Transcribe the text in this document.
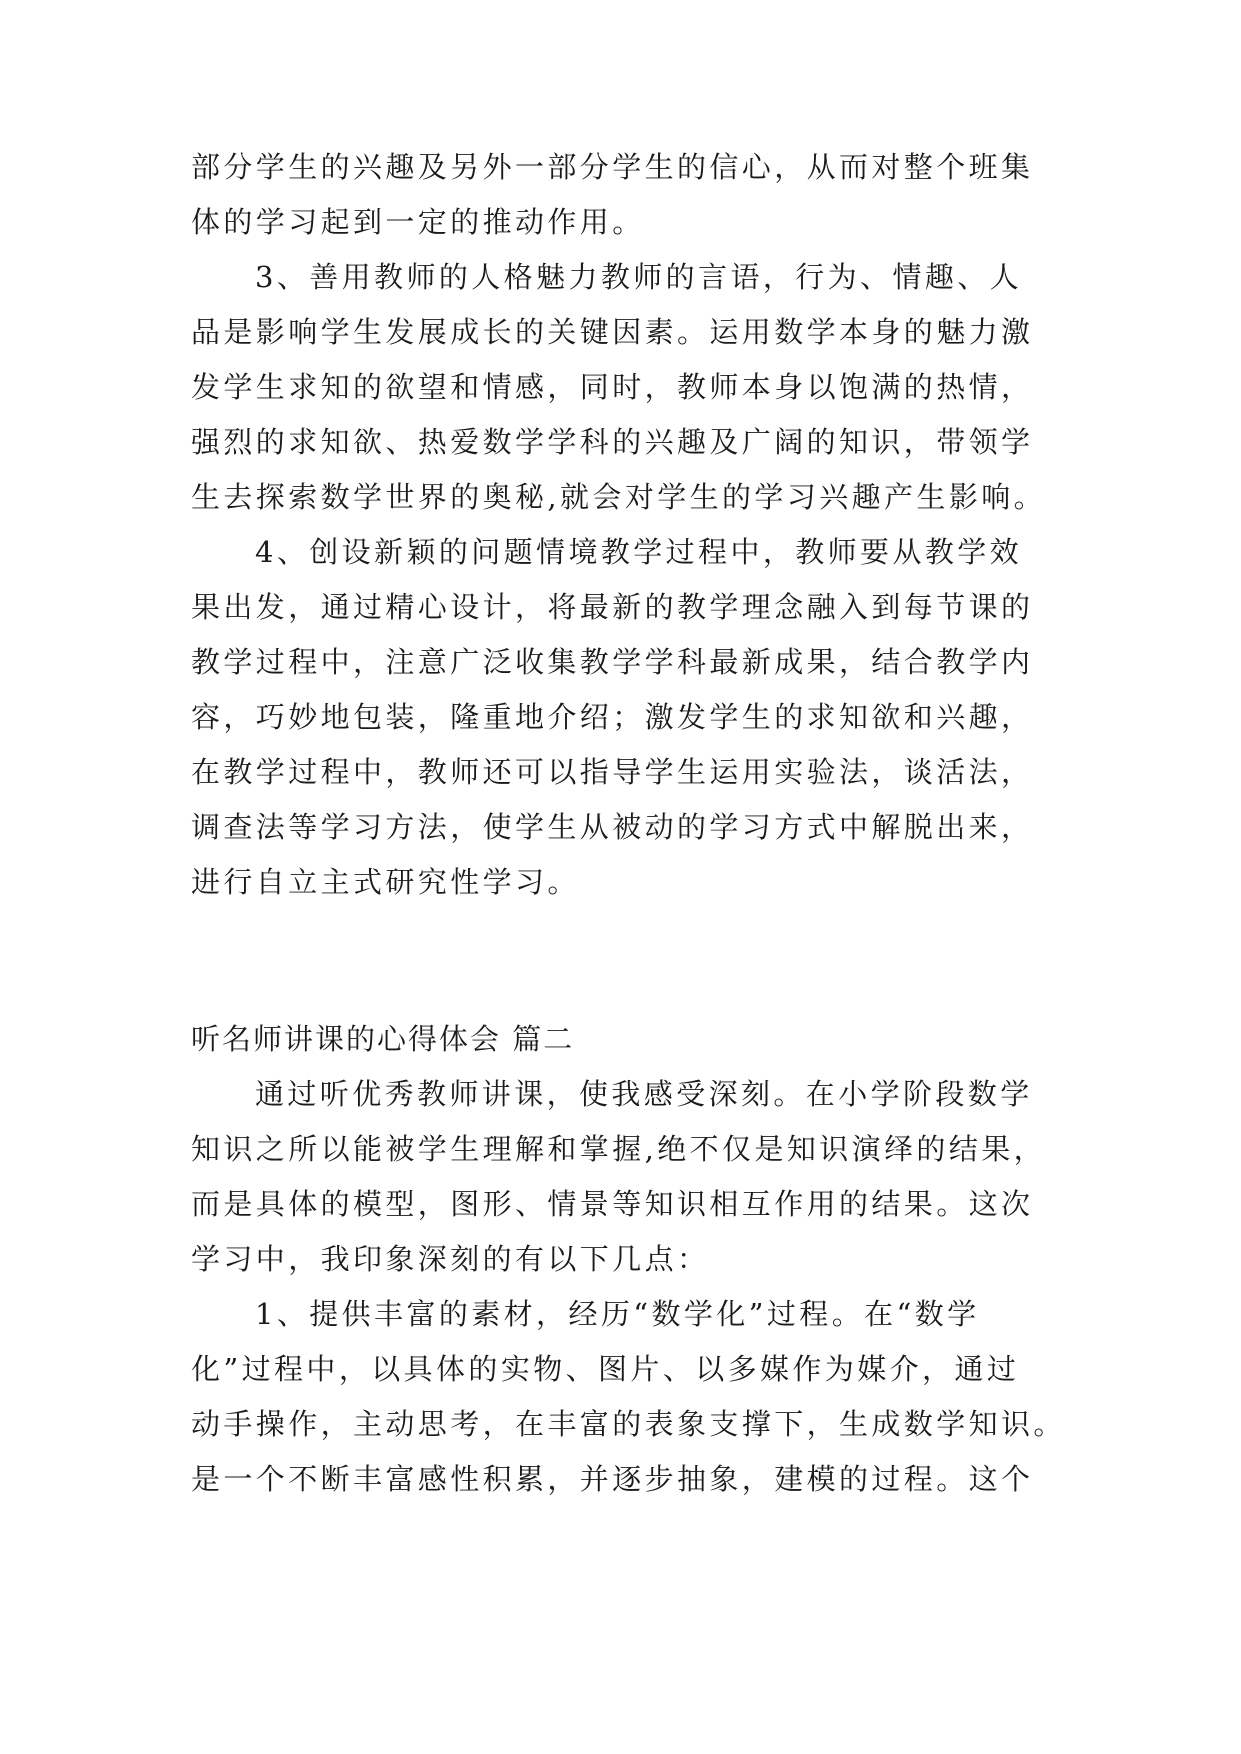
部分学生的兴趣及另外一部分学生的信心，从而对整个班集
体的学习起到一定的推动作用。
3、善用教师的人格魅力教师的言语，行为、情趣、人
品是影响学生发展成长的关键因素。运用数学本身的魅力激
发学生求知的欲望和情感，同时，教师本身以饱满的热情，
强烈的求知欲、热爱数学学科的兴趣及广阔的知识，带领学
生去探索数学世界的奥秘,就会对学生的学习兴趣产生影响。
4、创设新颖的问题情境教学过程中，教师要从教学效
果出发，通过精心设计，将最新的教学理念融入到每节课的
教学过程中，注意广泛收集教学学科最新成果，结合教学内
容，巧妙地包装，隆重地介绍；激发学生的求知欲和兴趣，
在教学过程中，教师还可以指导学生运用实验法，谈活法，
调查法等学习方法，使学生从被动的学习方式中解脱出来，
进行自立主式研究性学习。
听名师讲课的心得体会 篇二
通过听优秀教师讲课，使我感受深刻。在小学阶段数学
知识之所以能被学生理解和掌握,绝不仅是知识演绎的结果，
而是具体的模型，图形、情景等知识相互作用的结果。这次
学习中，我印象深刻的有以下几点：
1、提供丰富的素材，经历“数学化”过程。在“数学
化”过程中，以具体的实物、图片、以多媒作为媒介，通过
动手操作，主动思考，在丰富的表象支撑下，生成数学知识。
是一个不断丰富感性积累，并逐步抽象，建模的过程。这个
